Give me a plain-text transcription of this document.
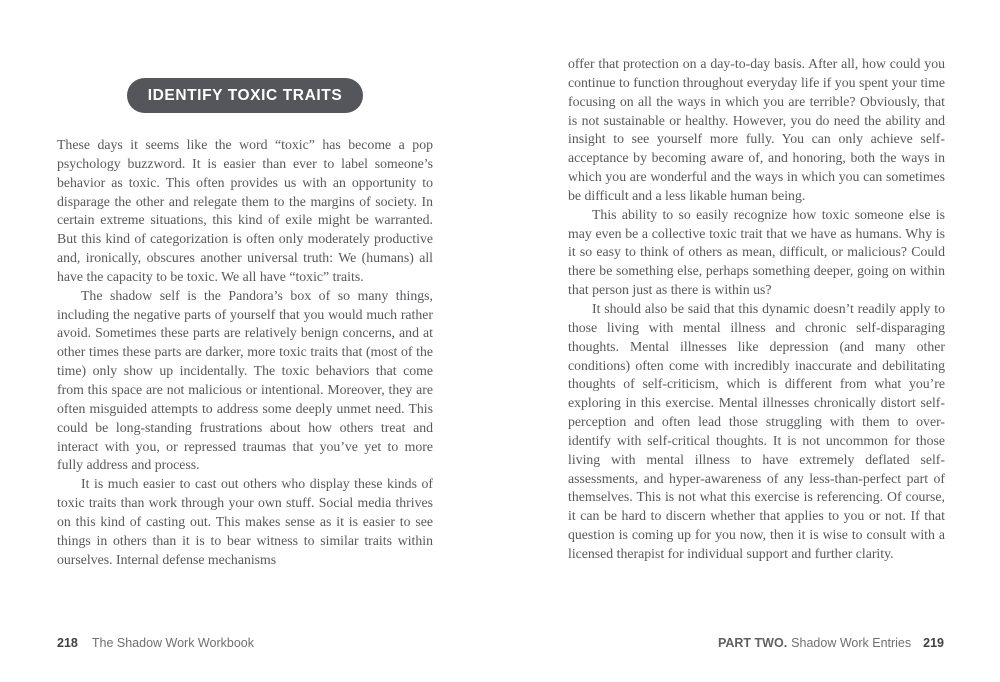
IDENTIFY TOXIC TRAITS

These days it seems like the word “toxic” has become a pop psychology buzzword. It is easier than ever to label someone’s behavior as toxic. This often provides us with an opportunity to disparage the other and relegate them to the margins of society. In certain extreme situations, this kind of exile might be warranted. But this kind of categorization is often only moderately productive and, ironically, obscures another universal truth: We (humans) all have the capacity to be toxic. We all have “toxic” traits.

The shadow self is the Pandora’s box of so many things, including the negative parts of yourself that you would much rather avoid. Sometimes these parts are relatively benign concerns, and at other times these parts are darker, more toxic traits that (most of the time) only show up incidentally. The toxic behaviors that come from this space are not malicious or intentional. Moreover, they are often misguided attempts to address some deeply unmet need. This could be long-standing frustrations about how others treat and interact with you, or repressed traumas that you’ve yet to more fully address and process.

It is much easier to cast out others who display these kinds of toxic traits than work through your own stuff. Social media thrives on this kind of casting out. This makes sense as it is easier to see things in others than it is to bear witness to similar traits within ourselves. Internal defense mechanisms

offer that protection on a day-to-day basis. After all, how could you continue to function throughout everyday life if you spent your time focusing on all the ways in which you are terrible? Obviously, that is not sustainable or healthy. However, you do need the ability and insight to see yourself more fully. You can only achieve self-acceptance by becoming aware of, and honoring, both the ways in which you are wonderful and the ways in which you can sometimes be difficult and a less likable human being.

This ability to so easily recognize how toxic someone else is may even be a collective toxic trait that we have as humans. Why is it so easy to think of others as mean, difficult, or malicious? Could there be something else, perhaps something deeper, going on within that person just as there is within us?

It should also be said that this dynamic doesn’t readily apply to those living with mental illness and chronic self-disparaging thoughts. Mental illnesses like depression (and many other conditions) often come with incredibly inaccurate and debilitating thoughts of self-criticism, which is different from what you’re exploring in this exercise. Mental illnesses chronically distort self-perception and often lead those struggling with them to over-identify with self-critical thoughts. It is not uncommon for those living with mental illness to have extremely deflated self-assessments, and hyper-awareness of any less-than-perfect part of themselves. This is not what this exercise is referencing. Of course, it can be hard to discern whether that applies to you or not. If that question is coming up for you now, then it is wise to consult with a licensed therapist for individual support and further clarity.

218 The Shadow Work Workbook	PART TWO. Shadow Work Entries 219
